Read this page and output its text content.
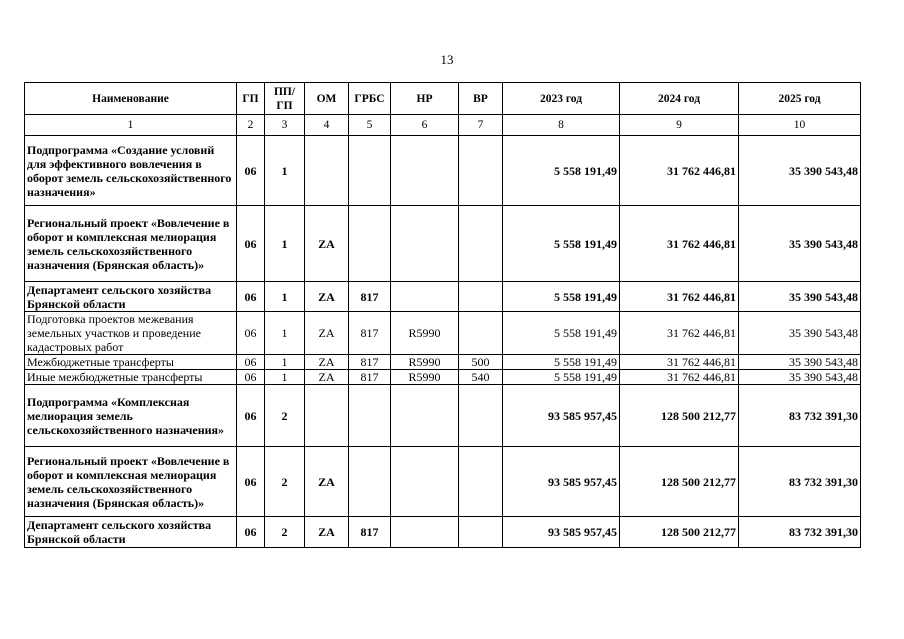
13
Наименование	ГП	ПП/ГП	ОМ	ГРБС	НР	ВР	2023 год	2024 год	2025 год
1	2	3	4	5	6	7	8	9	10
Подпрограмма «Создание условий для эффективного вовлечения в оборот земель сельскохозяйственного назначения»	06	1					5 558 191,49	31 762 446,81	35 390 543,48
Региональный проект «Вовлечение в оборот и комплексная мелиорация земель сельскохозяйственного назначения (Брянская область)»	06	1	ZA				5 558 191,49	31 762 446,81	35 390 543,48
Департамент сельского хозяйства Брянской области	06	1	ZA	817			5 558 191,49	31 762 446,81	35 390 543,48
Подготовка проектов межевания земельных участков и проведение кадастровых работ	06	1	ZA	817	R5990		5 558 191,49	31 762 446,81	35 390 543,48
Межбюджетные трансферты	06	1	ZA	817	R5990	500	5 558 191,49	31 762 446,81	35 390 543,48
Иные межбюджетные трансферты	06	1	ZA	817	R5990	540	5 558 191,49	31 762 446,81	35 390 543,48
Подпрограмма «Комплексная мелиорация земель сельскохозяйственного назначения»	06	2					93 585 957,45	128 500 212,77	83 732 391,30
Региональный проект «Вовлечение в оборот и комплексная мелиорация земель сельскохозяйственного назначения (Брянская область)»	06	2	ZA				93 585 957,45	128 500 212,77	83 732 391,30
Департамент сельского хозяйства Брянской области	06	2	ZA	817			93 585 957,45	128 500 212,77	83 732 391,30
